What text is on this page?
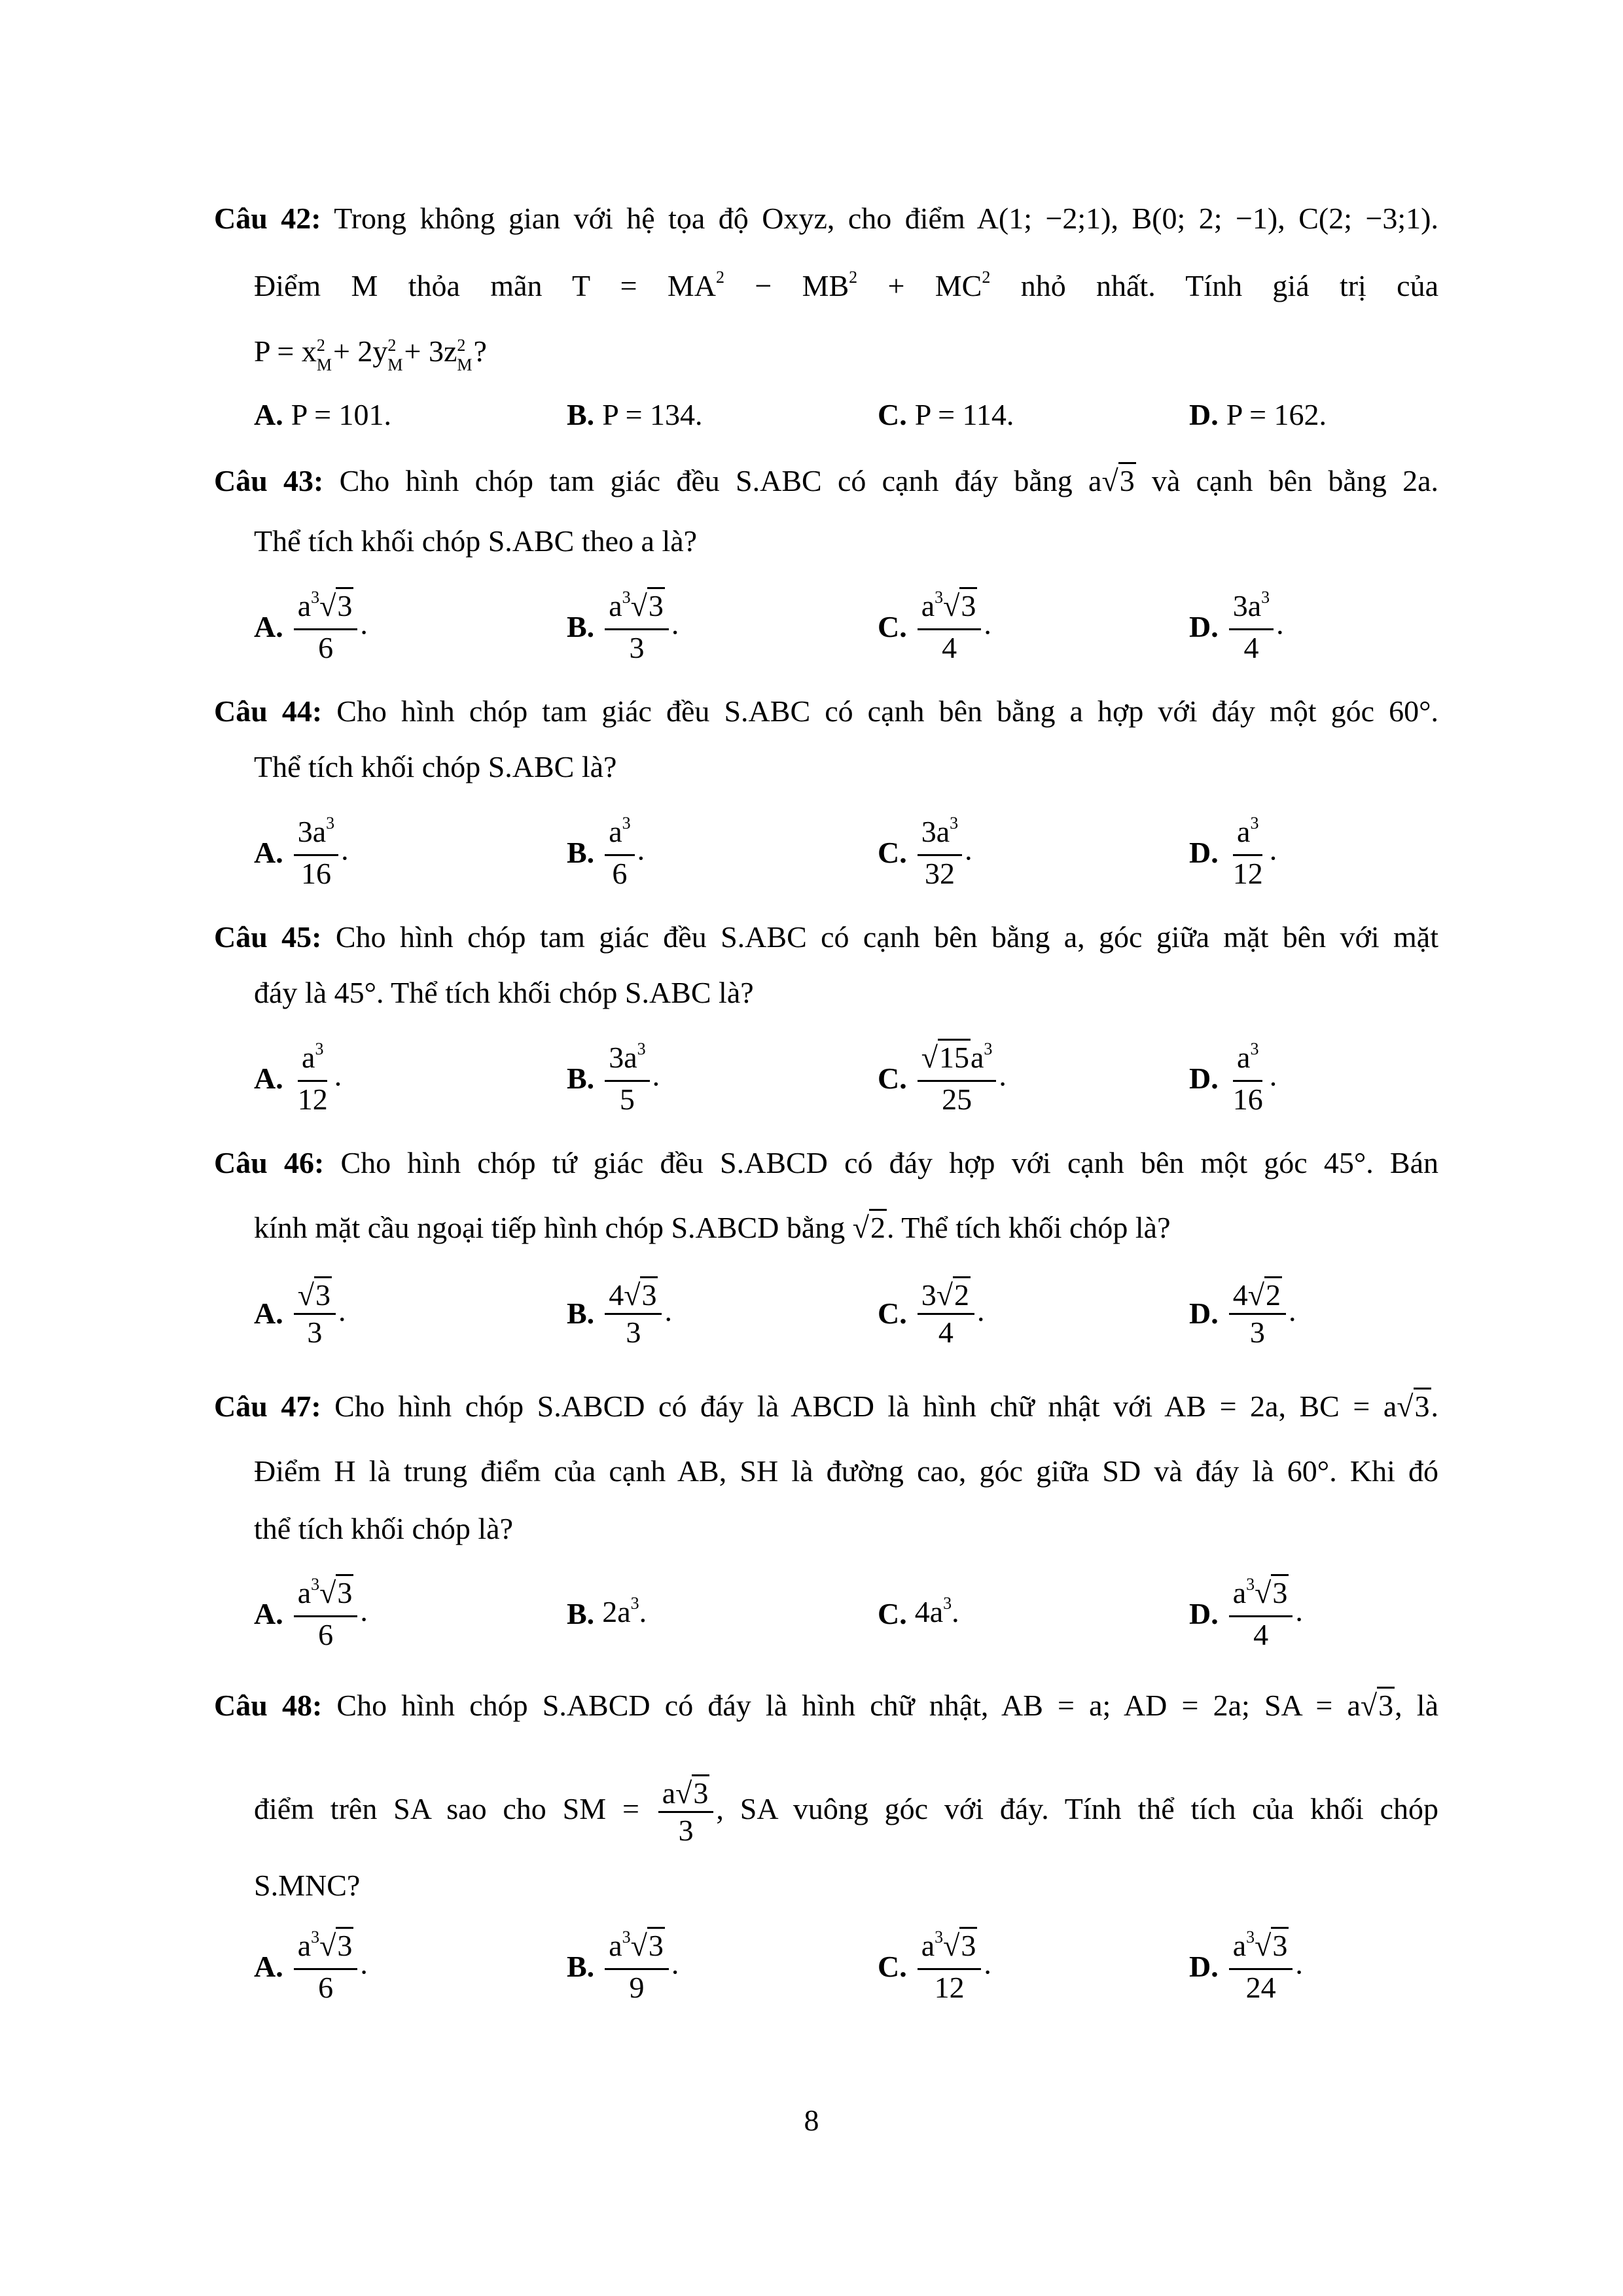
Câu 42: Trong không gian với hệ tọa độ Oxyz, cho điểm A(1; −2;1), B(0; 2; −1), C(2; −3;1).
Điểm M thỏa mãn $T = MA^2 - MB^2 + MC^2$ nhỏ nhất. Tính giá trị của
P = x 2
M + 2y 2
M + 3z 2
M ?
A. P = 101.	B. P = 134.	C. P = 114.	D. P = 162.
Câu 43: Cho hình chóp tam giác đều S.ABC có cạnh đáy bằng a√3 và cạnh bên bằng 2a.
Thể tích khối chóp S.ABC theo a là?
A. $\frac{a^3√3}{6}$ .	B. $\frac{a^3√3}{3}$ .	C. $\frac{a^3√3}{4}$ .	D. $\frac{3a^3}{4}$ .
Câu 44: Cho hình chóp tam giác đều S.ABC có cạnh bên bằng a hợp với đáy một góc 60°.
Thể tích khối chóp S.ABC là?
A. $\frac{3a^3}{16}$ .	B. $\frac{a^3}{6}$ .	C. $\frac{3a^3}{32}$ .	D. $\frac{a^3}{12}$ .
Câu 45: Cho hình chóp tam giác đều S.ABC có cạnh bên bằng a, góc giữa mặt bên với mặt
đáy là 45°. Thể tích khối chóp S.ABC là?
A. $\frac{a^3}{12}$ .	B. $\frac{3a^3}{5}$ .	C. $\frac{√15a^3}{25}$ .	D. $\frac{a^3}{16}$ .
Câu 46: Cho hình chóp tứ giác đều S.ABCD có đáy hợp với cạnh bên một góc 45°. Bán
kính mặt cầu ngoại tiếp hình chóp S.ABCD bằng √2. Thể tích khối chóp là?
A. $\frac{√3}{3}$ .	B. $\frac{4√3}{3}$ .	C. $\frac{3√2}{4}$ .	D. $\frac{4√2}{3}$ .
Câu 47: Cho hình chóp S.ABCD có đáy là ABCD là hình chữ nhật với AB = 2a, BC = a√3.
Điểm H là trung điểm của cạnh AB, SH là đường cao, góc giữa SD và đáy là 60°. Khi đó
thể tích khối chóp là?
A. $\frac{a^3√3}{6}$ .	B. $2a^3$.	C. $4a^3$.	D. $\frac{a^3√3}{4}$ .
Câu 48: Cho hình chóp S.ABCD có đáy là hình chữ nhật, AB = a; AD = 2a; SA = a√3, là
điểm trên SA sao cho SM = $\frac{a√3}{3}$ , SA vuông góc với đáy. Tính thể tích của khối chóp
S.MNC?
A. $\frac{a^3√3}{6}$ .	B. $\frac{a^3√3}{9}$ .	C. $\frac{a^3√3}{12}$ .	D. $\frac{a^3√3}{24}$ .
8
